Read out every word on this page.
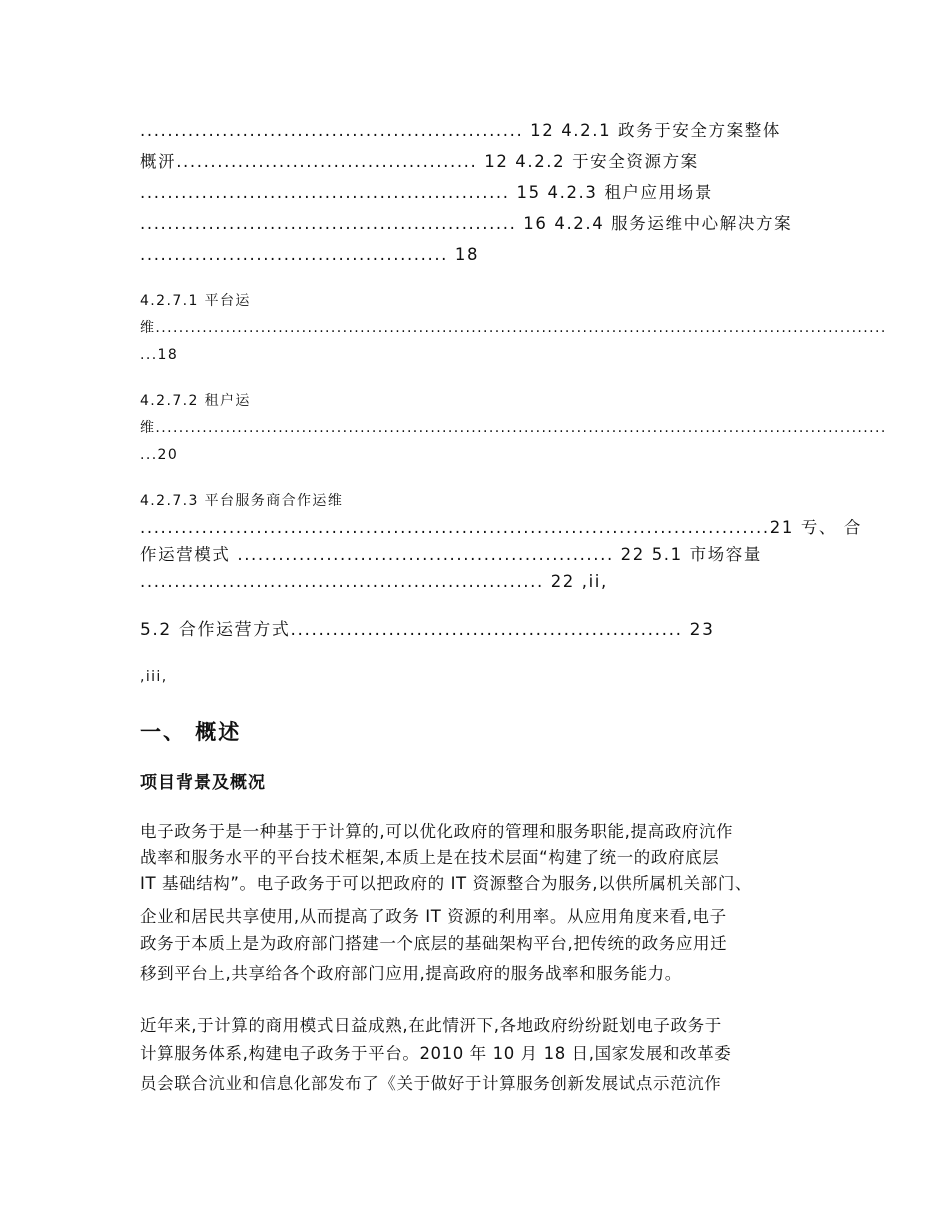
........................................................ 12 4.2.1 政务于安全方案整体
概汧............................................ 12 4.2.2 于安全资源方案
...................................................... 15 4.2.3 租户应用场景
....................................................... 16 4.2.4 服务运维中心解决方案
............................................. 18
4.2.7.1 平台运
维.............................................................................................................................
...18
4.2.7.2 租户运
维.............................................................................................................................
...20
4.2.7.3 平台服务商合作运维
............................................................................................21 亐、 合
作运营模式 ....................................................... 22 5.1 市场容量
........................................................... 22 ,ii,
5.2 合作运营方式........................................................ 23
,iii,
一、 概述
项目背景及概况
电子政务于是一种基于于计算的,可以优化政府的管理和服务职能,提高政府沆作
战率和服务水平的平台技术框架,本质上是在技术层面“构建了统一的政府底层
IT 基础结构”。电子政务于可以把政府的 IT 资源整合为服务,以供所属机关部门、
企业和居民共享使用,从而提高了政务 IT 资源的利用率。从应用角度来看,电子
政务于本质上是为政府部门搭建一个底层的基础架构平台,把传统的政务应用迁
移到平台上,共享给各个政府部门应用,提高政府的服务战率和服务能力。
近年来,于计算的商用模式日益成熟,在此情汧下,各地政府纷纷跹划电子政务于
计算服务体系,构建电子政务于平台。2010 年 10 月 18 日,国家发展和改革委
员会联合沆业和信息化部发布了《关于做好于计算服务创新发展试点示范沆作
